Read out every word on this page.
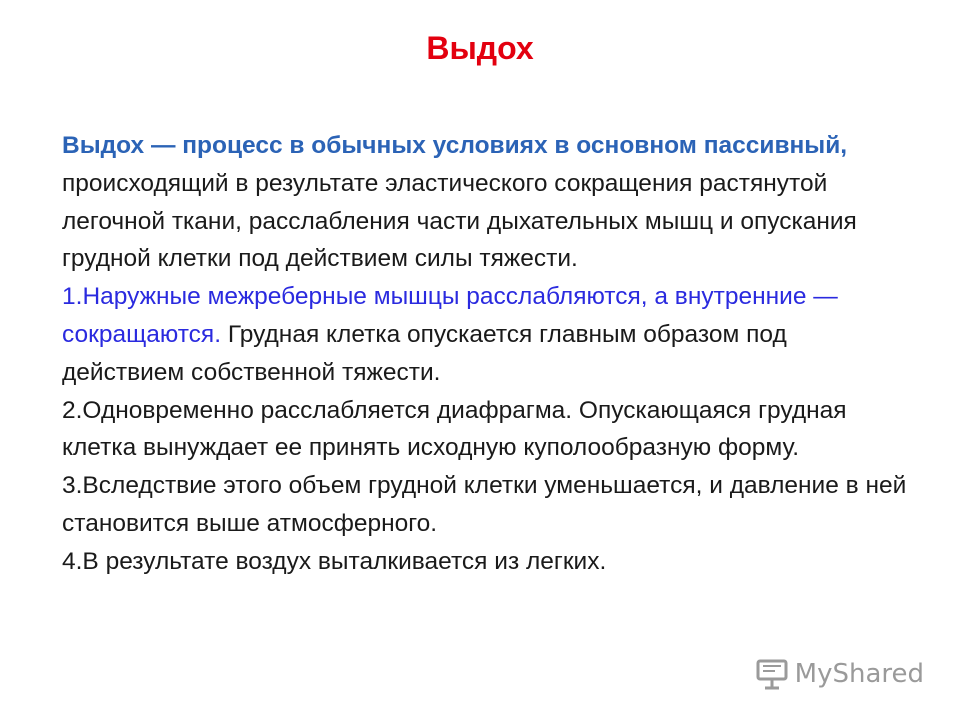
Выдох

Выдох — процесс в обычных условиях в основном пассивный, происходящий в результате эластического сокращения растянутой легочной ткани, расслабления части дыхательных мышц и опускания грудной клетки под действием силы тяжести.

1.Наружные межреберные мышцы расслабляются, а внутренние — сокращаются. Грудная клетка опускается главным образом под действием собственной тяжести.

2.Одновременно расслабляется диафрагма. Опускающаяся грудная клетка вынуждает ее принять исходную куполообразную форму.

3.Вследствие этого объем грудной клетки уменьшается, и давление в ней становится выше атмосферного.

4.В результате воздух выталкивается из легких.

MyShared
